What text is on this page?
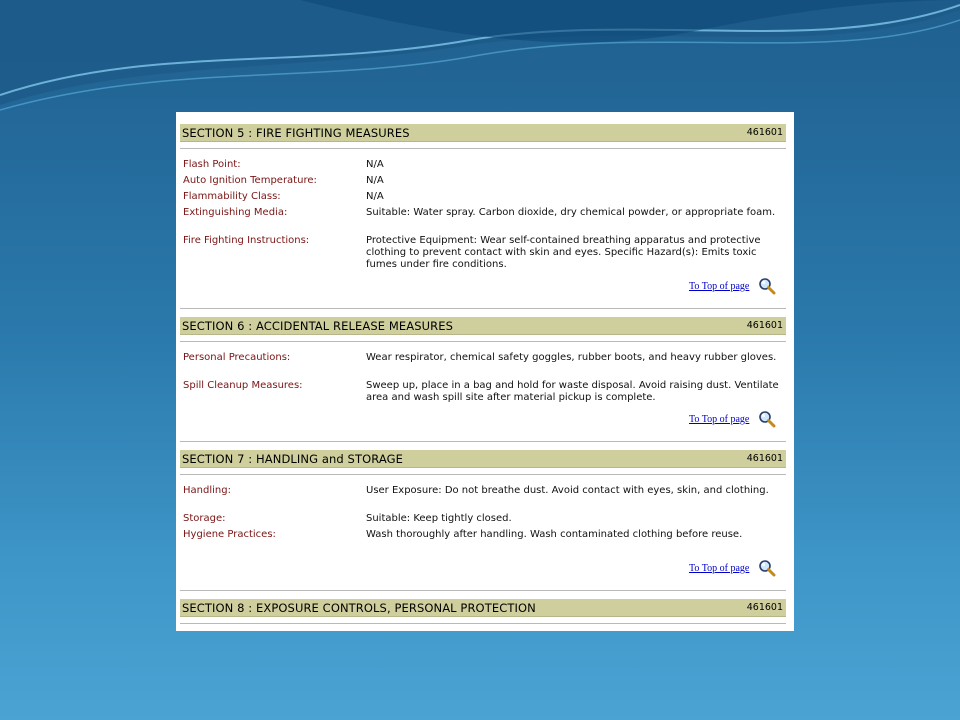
SECTION 5 : FIRE FIGHTING MEASURES	461601
Flash Point:	N/A
Auto Ignition Temperature:	N/A
Flammability Class:	N/A
Extinguishing Media:	Suitable: Water spray. Carbon dioxide, dry chemical powder, or appropriate foam.
Fire Fighting Instructions:	Protective Equipment: Wear self-contained breathing apparatus and protective clothing to prevent contact with skin and eyes. Specific Hazard(s): Emits toxic fumes under fire conditions.
To Top of page
SECTION 6 : ACCIDENTAL RELEASE MEASURES	461601
Personal Precautions:	Wear respirator, chemical safety goggles, rubber boots, and heavy rubber gloves.
Spill Cleanup Measures:	Sweep up, place in a bag and hold for waste disposal. Avoid raising dust. Ventilate area and wash spill site after material pickup is complete.
To Top of page
SECTION 7 : HANDLING and STORAGE	461601
Handling:	User Exposure: Do not breathe dust. Avoid contact with eyes, skin, and clothing.
Storage:	Suitable: Keep tightly closed.
Hygiene Practices:	Wash thoroughly after handling. Wash contaminated clothing before reuse.
To Top of page
SECTION 8 : EXPOSURE CONTROLS, PERSONAL PROTECTION	461601
